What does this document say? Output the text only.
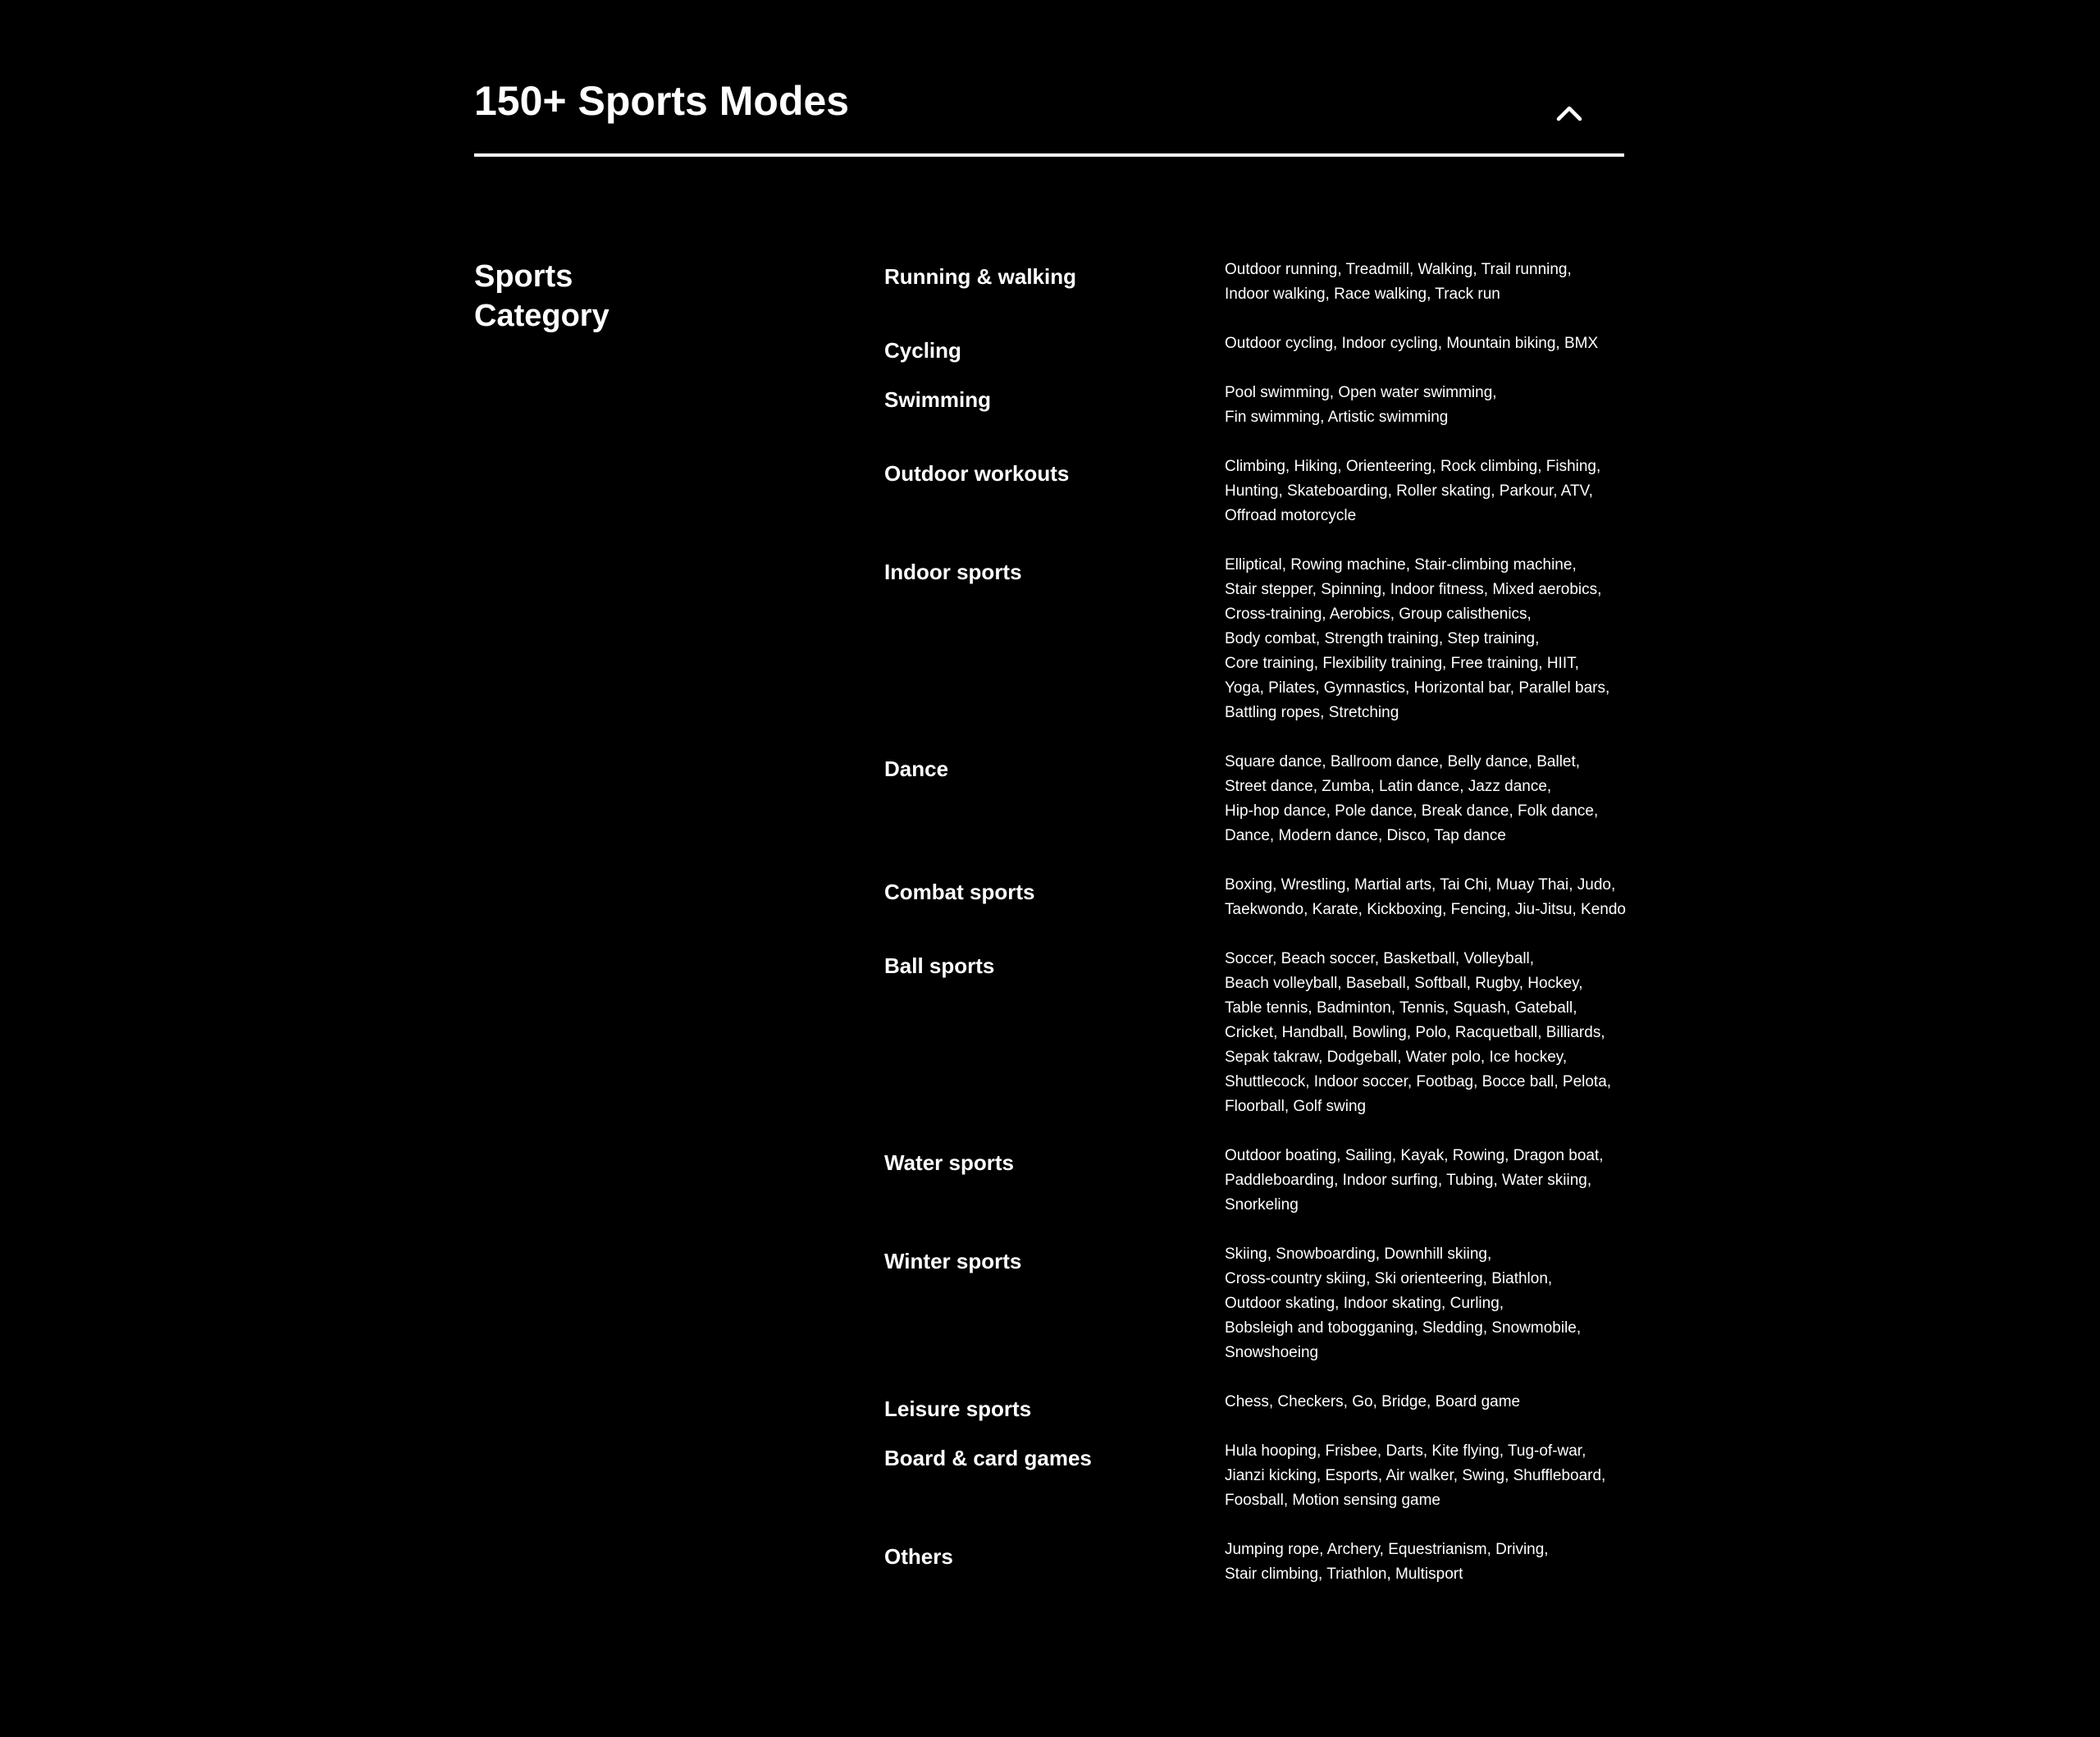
150+ Sports Modes
Sports
Category
Running & walking	Outdoor running, Treadmill, Walking, Trail running,
Indoor walking, Race walking, Track run
Cycling	Outdoor cycling, Indoor cycling, Mountain biking, BMX
Swimming	Pool swimming, Open water swimming,
Fin swimming, Artistic swimming
Outdoor workouts	Climbing, Hiking, Orienteering, Rock climbing, Fishing,
Hunting, Skateboarding, Roller skating, Parkour, ATV,
Offroad motorcycle
Indoor sports	Elliptical, Rowing machine, Stair-climbing machine,
Stair stepper, Spinning, Indoor fitness, Mixed aerobics,
Cross-training, Aerobics, Group calisthenics,
Body combat, Strength training, Step training,
Core training, Flexibility training, Free training, HIIT,
Yoga, Pilates, Gymnastics, Horizontal bar, Parallel bars,
Battling ropes, Stretching
Dance	Square dance, Ballroom dance, Belly dance, Ballet,
Street dance, Zumba, Latin dance, Jazz dance,
Hip-hop dance, Pole dance, Break dance, Folk dance,
Dance, Modern dance, Disco, Tap dance
Combat sports	Boxing, Wrestling, Martial arts, Tai Chi, Muay Thai, Judo,
Taekwondo, Karate, Kickboxing, Fencing, Jiu-Jitsu, Kendo
Ball sports	Soccer, Beach soccer, Basketball, Volleyball,
Beach volleyball, Baseball, Softball, Rugby, Hockey,
Table tennis, Badminton, Tennis, Squash, Gateball,
Cricket, Handball, Bowling, Polo, Racquetball, Billiards,
Sepak takraw, Dodgeball, Water polo, Ice hockey,
Shuttlecock, Indoor soccer, Footbag, Bocce ball, Pelota,
Floorball, Golf swing
Water sports	Outdoor boating, Sailing, Kayak, Rowing, Dragon boat,
Paddleboarding, Indoor surfing, Tubing, Water skiing,
Snorkeling
Winter sports	Skiing, Snowboarding, Downhill skiing,
Cross-country skiing, Ski orienteering, Biathlon,
Outdoor skating, Indoor skating, Curling,
Bobsleigh and tobogganing, Sledding, Snowmobile,
Snowshoeing
Leisure sports	Chess, Checkers, Go, Bridge, Board game
Board & card games	Hula hooping, Frisbee, Darts, Kite flying, Tug-of-war,
Jianzi kicking, Esports, Air walker, Swing, Shuffleboard,
Foosball, Motion sensing game
Others	Jumping rope, Archery, Equestrianism, Driving,
Stair climbing, Triathlon, Multisport
